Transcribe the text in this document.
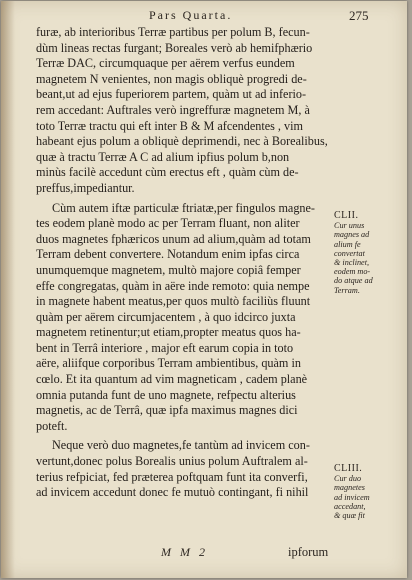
Pars Quarta.	275
furæ, ab interioribus Terræ partibus per polum B, fecun-
dùm lineas rectas furgant; Boreales verò ab hemifphærio
Terræ DAC, circumquaque per aërem verfus eundem
magnetem N venientes, non magis obliquè progredi de-
beant,ut ad ejus fuperiorem partem, quàm ut ad inferio-
rem accedant: Auftrales verò ingreffuræ magnetem M, à
toto Terræ tractu qui eft inter B & M afcendentes , vim
habeant ejus polum a obliquè deprimendi, nec à Borealibus,
quæ à tractu Terræ A C ad alium ipfius polum b,non
minùs facilè accedunt cùm erectus eft , quàm cùm de-
preffus,impediantur.
Cùm autem iftæ particulæ ftriatæ,per fingulos magne-
tes eodem planè modo ac per Terram fluant, non aliter
duos magnetes fphæricos unum ad alium,quàm ad totam
Terram debent convertere. Notandum enim ipfas circa
unumquemque magnetem, multò majore copiâ femper
effe congregatas, quàm in aëre inde remoto: quia nempe
in magnete habent meatus,per quos multò faciliùs fluunt
quàm per aërem circumjacentem , à quo idcirco juxta
magnetem retinentur;ut etiam,propter meatus quos ha-
bent in Terrâ interiore , major eft earum copia in toto
aëre, aliifque corporibus Terram ambientibus, quàm in
cœlo. Et ita quantum ad vim magneticam , cadem planè
omnia putanda funt de uno magnete, refpectu alterius
magnetis, ac de Terrâ, quæ ipfa maximus magnes dici
poteft.
Neque verò duo magnetes,fe tantùm ad invicem con-
vertunt,donec polus Borealis unius polum Auftralem al-
terius refpiciat, fed præterea poftquam funt ita converfi,
ad invicem accedunt donec fe mutuò contingant, fi nihil
CLII.
Cur unus
magnes ad
alium fe
convertat
& inclinet,
eodem mo-
do atque ad
Terram.
CLIII.
Cur duo
magnetes
ad invicem
accedant,
& quæ fit
M M 2	ipforum
